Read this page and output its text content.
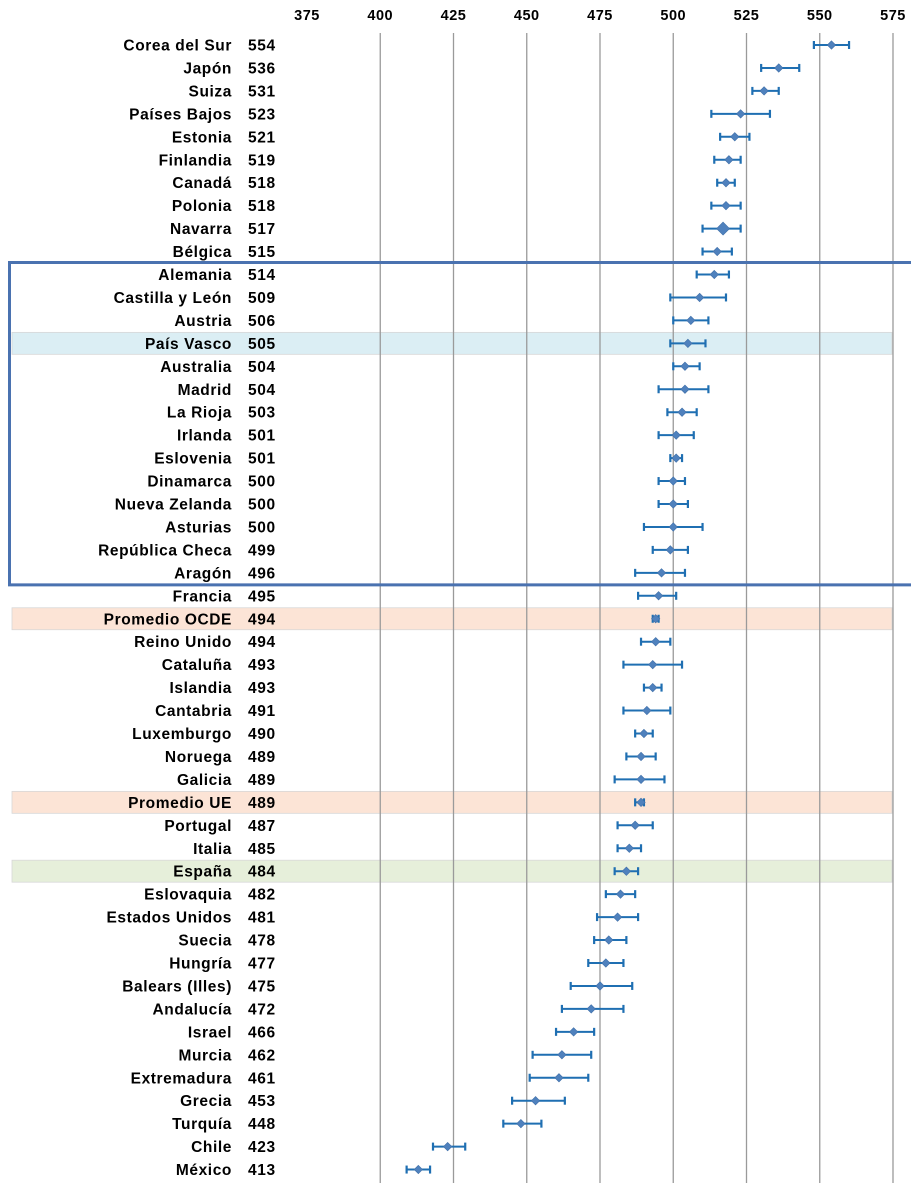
375	400	425	450	475	500	525	550	575
Corea del Sur 554
Japón 536
Suiza 531
Países Bajos 523
Estonia 521
Finlandia 519
Canadá 518
Polonia 518
Navarra 517
Bélgica 515
Alemania 514
Castilla y León 509
Austria 506
País Vasco 505
Australia 504
Madrid 504
La Rioja 503
Irlanda 501
Eslovenia 501
Dinamarca 500
Nueva Zelanda 500
Asturias 500
República Checa 499
Aragón 496
Francia 495
Promedio OCDE 494
Reino Unido 494
Cataluña 493
Islandia 493
Cantabria 491
Luxemburgo 490
Noruega 489
Galicia 489
Promedio UE 489
Portugal 487
Italia 485
España 484
Eslovaquia 482
Estados Unidos 481
Suecia 478
Hungría 477
Balears (Illes) 475
Andalucía 472
Israel 466
Murcia 462
Extremadura 461
Grecia 453
Turquía 448
Chile 423
México 413
